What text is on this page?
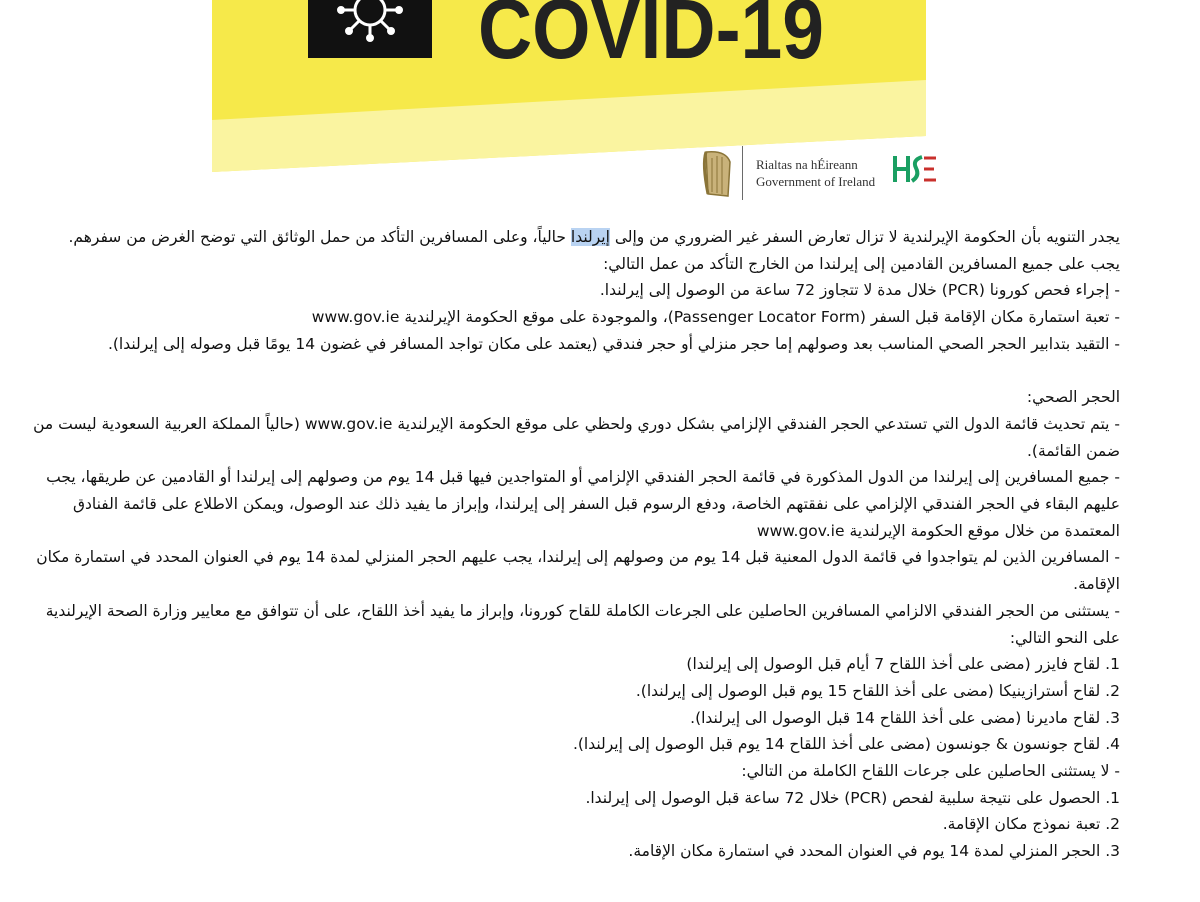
COVID-19
Rialtas na hÉireann
Government of Ireland

يجدر التنويه بأن الحكومة الإيرلندية لا تزال تعارض السفر غير الضروري من وإلى إيرلندا حالياً، وعلى المسافرين التأكد من حمل الوثائق التي توضح الغرض من سفرهم.

يجب على جميع المسافرين القادمين إلى إيرلندا من الخارج التأكد من عمل التالي:

- إجراء فحص كورونا (PCR) خلال مدة لا تتجاوز 72 ساعة من الوصول إلى إيرلندا.

- تعبة استمارة مكان الإقامة قبل السفر (Passenger Locator Form)، والموجودة على موقع الحكومة الإيرلندية www.gov.ie

- التقيد بتدابير الحجر الصحي المناسب بعد وصولهم إما حجر منزلي أو حجر فندقي (يعتمد على مكان تواجد المسافر في غضون 14 يومًا قبل وصوله إلى إيرلندا).

الحجر الصحي:

- يتم تحديث قائمة الدول التي تستدعي الحجر الفندقي الإلزامي بشكل دوري ولحظي على موقع الحكومة الإيرلندية www.gov.ie (حالياً المملكة العربية السعودية ليست من ضمن القائمة).

- جميع المسافرين إلى إيرلندا من الدول المذكورة في قائمة الحجر الفندقي الإلزامي أو المتواجدين فيها قبل 14 يوم من وصولهم إلى إيرلندا أو القادمين عن طريقها، يجب عليهم البقاء في الحجر الفندقي الإلزامي على نفقتهم الخاصة، ودفع الرسوم قبل السفر إلى إيرلندا، وإبراز ما يفيد ذلك عند الوصول، ويمكن الاطلاع على قائمة الفنادق المعتمدة من خلال موقع الحكومة الإيرلندية www.gov.ie

- المسافرين الذين لم يتواجدوا في قائمة الدول المعنية قبل 14 يوم من وصولهم إلى إيرلندا، يجب عليهم الحجر المنزلي لمدة 14 يوم في العنوان المحدد في استمارة مكان الإقامة.

- يستثنى من الحجر الفندقي الالزامي المسافرين الحاصلين على الجرعات الكاملة للقاح كورونا، وإبراز ما يفيد أخذ اللقاح، على أن تتوافق مع معايير وزارة الصحة الإيرلندية على النحو التالي:

1. لقاح فايزر (مضى على أخذ اللقاح 7 أيام قبل الوصول إلى إيرلندا)

2. لقاح أسترازينيكا (مضى على أخذ اللقاح 15 يوم قبل الوصول إلى إيرلندا).

3. لقاح مادیرنا (مضى على أخذ اللقاح 14 قبل الوصول الى إيرلندا).

4. لقاح جونسون & جونسون (مضى على أخذ اللقاح 14 يوم قبل الوصول إلى إيرلندا).

- لا يستثنى الحاصلين على جرعات اللقاح الكاملة من التالي:

1. الحصول على نتيجة سلبية لفحص (PCR) خلال 72 ساعة قبل الوصول إلى إيرلندا.

2. تعبة نموذج مكان الإقامة.

3. الحجر المنزلي لمدة 14 يوم في العنوان المحدد في استمارة مكان الإقامة.
